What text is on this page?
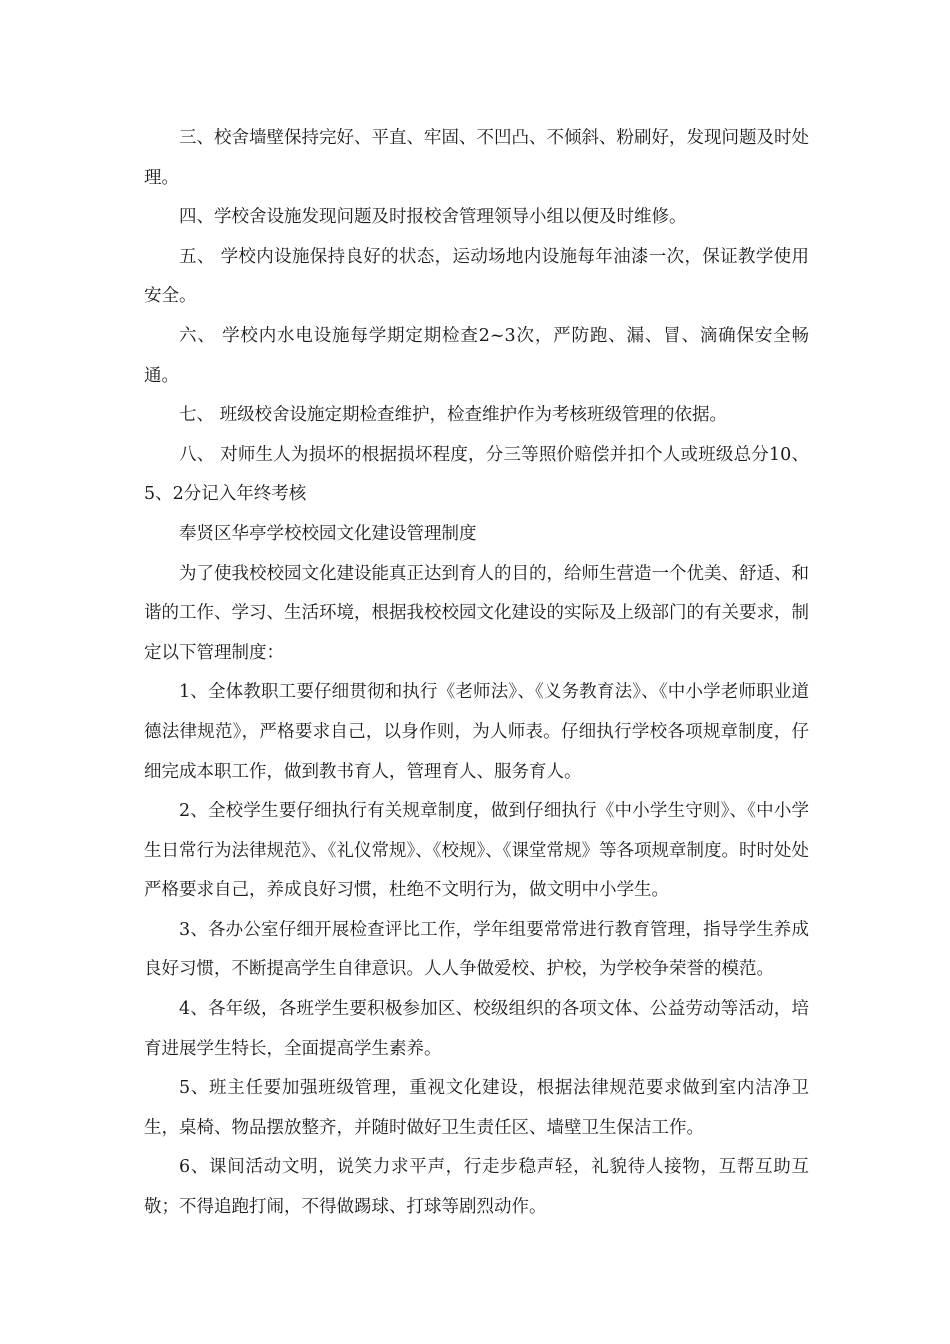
三、校舍墙壁保持完好、平直、牢固、不凹凸、不倾斜、粉刷好，发现问题及时处理。

四、学校舍设施发现问题及时报校舍管理领导小组以便及时维修。

五、 学校内设施保持良好的状态，运动场地内设施每年油漆一次，保证教学使用安全。

六、 学校内水电设施每学期定期检查2~3次，严防跑、漏、冒、滴确保安全畅通。

七、 班级校舍设施定期检查维护，检查维护作为考核班级管理的依据。

八、 对师生人为损坏的根据损坏程度，分三等照价赔偿并扣个人或班级总分10、5、2分记入年终考核

奉贤区华亭学校校园文化建设管理制度

为了使我校校园文化建设能真正达到育人的目的，给师生营造一个优美、舒适、和谐的工作、学习、生活环境，根据我校校园文化建设的实际及上级部门的有关要求，制定以下管理制度：

1、全体教职工要仔细贯彻和执行《老师法》、《义务教育法》、《中小学老师职业道德法律规范》，严格要求自己，以身作则，为人师表。仔细执行学校各项规章制度，仔细完成本职工作，做到教书育人，管理育人、服务育人。

2、全校学生要仔细执行有关规章制度，做到仔细执行《中小学生守则》、《中小学生日常行为法律规范》、《礼仪常规》、《校规》、《课堂常规》等各项规章制度。时时处处严格要求自己，养成良好习惯，杜绝不文明行为，做文明中小学生。

3、各办公室仔细开展检查评比工作，学年组要常常进行教育管理，指导学生养成良好习惯，不断提高学生自律意识。人人争做爱校、护校，为学校争荣誉的模范。

4、各年级，各班学生要积极参加区、校级组织的各项文体、公益劳动等活动，培育进展学生特长，全面提高学生素养。

5、班主任要加强班级管理，重视文化建设，根据法律规范要求做到室内洁净卫生，桌椅、物品摆放整齐，并随时做好卫生责任区、墙壁卫生保洁工作。

6、课间活动文明，说笑力求平声，行走步稳声轻，礼貌待人接物，互帮互助互敬；不得追跑打闹，不得做踢球、打球等剧烈动作。
